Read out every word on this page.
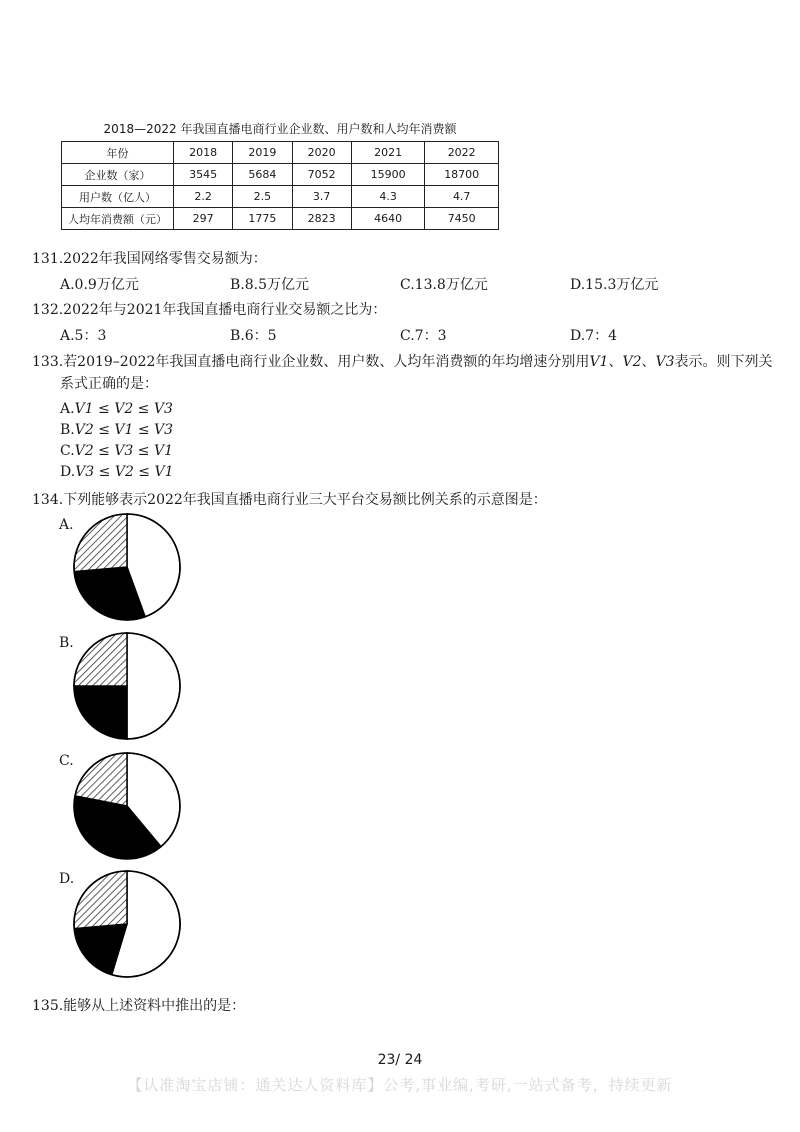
2018—2022 年我国直播电商行业企业数、用户数和人均年消费额
年份	2018	2019	2020	2021	2022
企业数（家）	3545	5684	7052	15900	18700
用户数（亿人）	2.2	2.5	3.7	4.3	4.7
人均年消费额（元）	297	1775	2823	4640	7450
131.2022年我国网络零售交易额为：
A.0.9万亿元	B.8.5万亿元	C.13.8万亿元	D.15.3万亿元
132.2022年与2021年我国直播电商行业交易额之比为：
A.5：3	B.6：5	C.7：3	D.7：4
133.若2019–2022年我国直播电商行业企业数、用户数、人均年消费额的年均增速分别用V1、V2、V3表示。则下列关
系式正确的是：
A.V1 ≤ V2 ≤ V3
B.V2 ≤ V1 ≤ V3
C.V2 ≤ V3 ≤ V1
D.V3 ≤ V2 ≤ V1
134.下列能够表示2022年我国直播电商行业三大平台交易额比例关系的示意图是：
A.
B.
C.
D.
135.能够从上述资料中推出的是：
23/ 24
【认准淘宝店铺：通关达人资料库】公考,事业编,考研,一站式备考，持续更新
